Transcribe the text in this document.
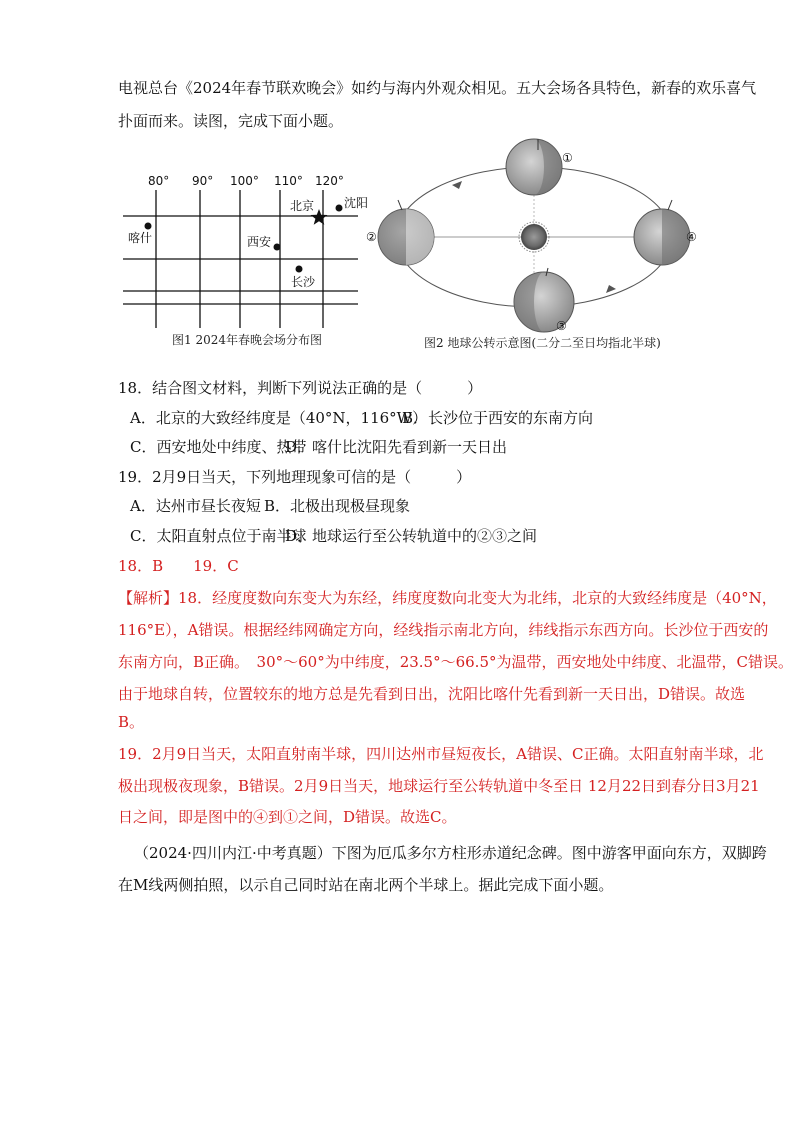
电视总台《2024年春节联欢晚会》如约与海内外观众相见。五大会场各具特色，新春的欢乐喜气
扑面而来。读图，完成下面小题。
80° 90° 100° 110° 120°
喀什
北京 沈阳
西安
长沙
图1 2024年春晚会场分布图
①
②
③
④
图2 地球公转示意图(二分二至日均指北半球)
18．结合图文材料，判断下列说法正确的是（　　　）
A．北京的大致经纬度是（40°N，116°W）
B．长沙位于西安的东南方向
C．西安地处中纬度、热带
D．喀什比沈阳先看到新一天日出
19．2月9日当天，下列地理现象可信的是（　　　）
A．达州市昼长夜短 B．北极出现极昼现象
C．太阳直射点位于南半球
D．地球运行至公转轨道中的②③之间
18．B　　19．C
【解析】18．经度度数向东变大为东经，纬度度数向北变大为北纬，北京的大致经纬度是（40°N，
116°E），A错误。根据经纬网确定方向，经线指示南北方向，纬线指示东西方向。长沙位于西安的
东南方向，B正确。　30°～60°为中纬度，23.5°～66.5°为温带，西安地处中纬度、北温带，C错误。
由于地球自转，位置较东的地方总是先看到日出，沈阳比喀什先看到新一天日出，D错误。故选
B。
19．2月9日当天，太阳直射南半球，四川达州市昼短夜长，A错误、C正确。太阳直射南半球，北
极出现极夜现象，B错误。2月9日当天，地球运行至公转轨道中冬至日 12月22日到春分日3月21
日之间，即是图中的④到①之间，D错误。故选C。
（2024·四川内江·中考真题）下图为厄瓜多尔方柱形赤道纪念碑。图中游客甲面向东方，双脚跨
在M线两侧拍照，以示自己同时站在南北两个半球上。据此完成下面小题。
